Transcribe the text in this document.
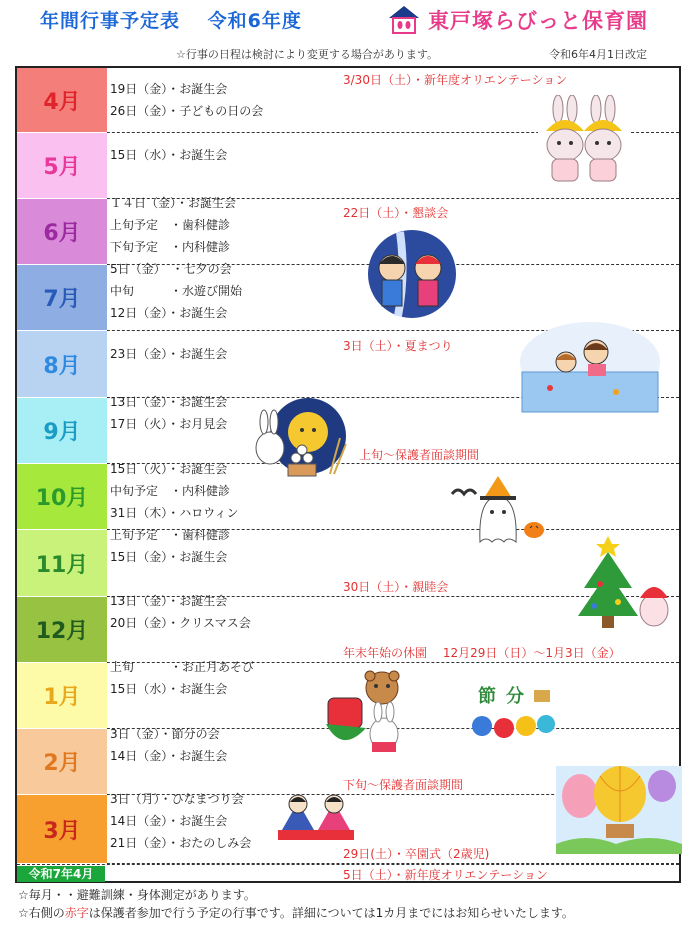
年間行事予定表　 令和6年度	東戸塚らびっと保育園
☆行事の日程は検討により変更する場合があります。	令和6年4月1日改定
4月
19日（金）・お誕生会
26日（金）・子どもの日の会
3/30日（土）・新年度オリエンテーション
5月	15日（水）・お誕生会
6月
１４日（金）・お誕生会
上旬予定　・歯科健診
下旬予定　・内科健診
22日（土）・懇談会
7月
5日（金）　・七夕の会
中旬　　　・水遊び開始
12日（金）・お誕生会
8月	23日（金）・お誕生会
3日（土）・夏まつり
9月
13日（金）・お誕生会
17日（火）・お月見会
上旬～保護者面談期間
10月
15日（火）・お誕生会
中旬予定　・内科健診
31日（木）・ハロウィン
11月
上旬予定　・歯科健診
15日（金）・お誕生会
30日（土）・親睦会
12月
13日（金）・お誕生会
20日（金）・クリスマス会
年末年始の休園　 12月29日（日）～1月3日（金）
1月
上旬　　　・お正月あそび
15日（水）・お誕生会
2月
3日（金）・節分の会
14日（金）・お誕生会
下旬～保護者面談期間
3月
3日（月）・ひなまつり会
14日（金）・お誕生会
21日（金）・おたのしみ会
29日(土）・卒園式（2歳児)
節 分
令和7年4月	5日（土）・新年度オリエンテーション
☆毎月・・避難訓練・身体測定があります。
☆右側の赤字は保護者参加で行う予定の行事です。詳細については1カ月までにはお知らせいたします。
